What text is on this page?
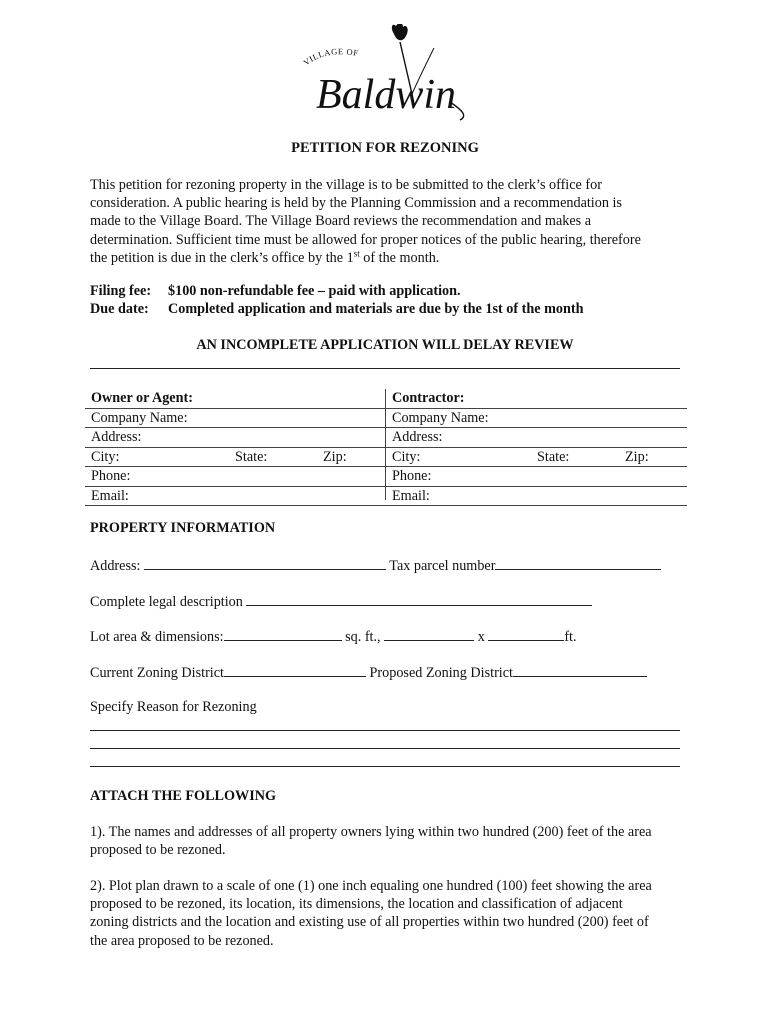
VILLAGE OF
Baldwin
PETITION FOR REZONING
This petition for rezoning property in the village is to be submitted to the clerk’s office for
consideration. A public hearing is held by the Planning Commission and a recommendation is
made to the Village Board. The Village Board reviews the recommendation and makes a
determination. Sufficient time must be allowed for proper notices of the public hearing, therefore
the petition is due in the clerk’s office by the 1st of the month.
Filing fee: $100 non-refundable fee – paid with application.
Due date: Completed application and materials are due by the 1st of the month
AN INCOMPLETE APPLICATION WILL DELAY REVIEW
Owner or Agent:	Contractor:
Company Name:	Company Name:
Address:	Address:
City:	State:	Zip:	City:	State:	Zip:
Phone:	Phone:
Email:	Email:
PROPERTY INFORMATION
Address:	Tax parcel number
Complete legal description
Lot area & dimensions:	sq. ft.,	x	ft.
Current Zoning District	Proposed Zoning District
Specify Reason for Rezoning
ATTACH THE FOLLOWING
1). The names and addresses of all property owners lying within two hundred (200) feet of the area
proposed to be rezoned.
2). Plot plan drawn to a scale of one (1) one inch equaling one hundred (100) feet showing the area
proposed to be rezoned, its location, its dimensions, the location and classification of adjacent
zoning districts and the location and existing use of all properties within two hundred (200) feet of
the area proposed to be rezoned.
